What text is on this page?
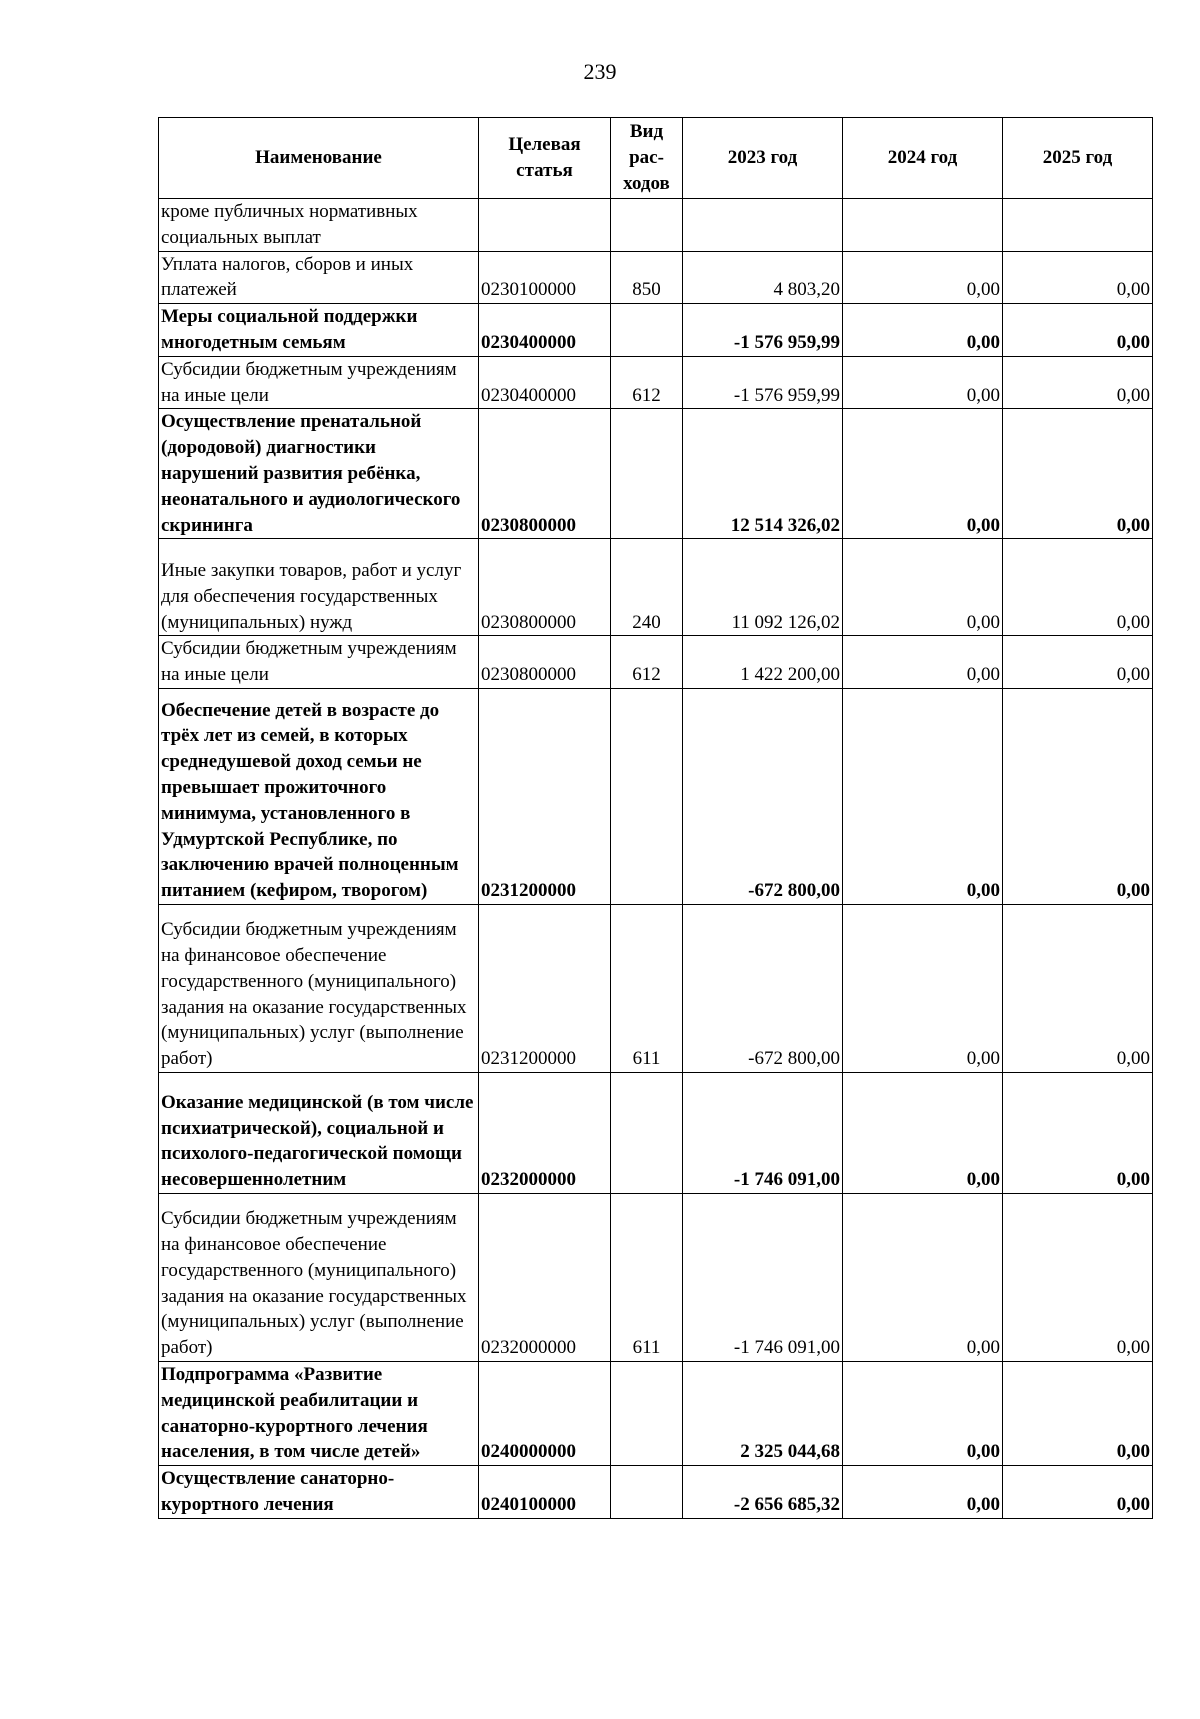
239
Наименование	Целевая статья	Вид рас-ходов	2023 год	2024 год	2025 год
кроме публичных нормативных социальных выплат					
Уплата налогов, сборов и иных платежей	0230100000	850	4 803,20	0,00	0,00
Меры социальной поддержки многодетным семьям	0230400000		-1 576 959,99	0,00	0,00
Субсидии бюджетным учреждениям на иные цели	0230400000	612	-1 576 959,99	0,00	0,00
Осуществление пренатальной (дородовой) диагностики нарушений развития ребёнка, неонатального и аудиологического скрининга	0230800000		12 514 326,02	0,00	0,00
Иные закупки товаров, работ и услуг для обеспечения государственных (муниципальных) нужд	0230800000	240	11 092 126,02	0,00	0,00
Субсидии бюджетным учреждениям на иные цели	0230800000	612	1 422 200,00	0,00	0,00
Обеспечение детей в возрасте до трёх лет из семей, в которых среднедушевой доход семьи не превышает прожиточного минимума, установленного в Удмуртской Республике, по заключению врачей полноценным питанием (кефиром, творогом)	0231200000		-672 800,00	0,00	0,00
Субсидии бюджетным учреждениям на финансовое обеспечение государственного (муниципального) задания на оказание государственных (муниципальных) услуг (выполнение работ)	0231200000	611	-672 800,00	0,00	0,00
Оказание медицинской (в том числе психиатрической), социальной и психолого-педагогической помощи несовершеннолетним	0232000000		-1 746 091,00	0,00	0,00
Субсидии бюджетным учреждениям на финансовое обеспечение государственного (муниципального) задания на оказание государственных (муниципальных) услуг (выполнение работ)	0232000000	611	-1 746 091,00	0,00	0,00
Подпрограмма «Развитие медицинской реабилитации и санаторно-курортного лечения населения, в том числе детей»	0240000000		2 325 044,68	0,00	0,00
Осуществление санаторно-курортного лечения	0240100000		-2 656 685,32	0,00	0,00
